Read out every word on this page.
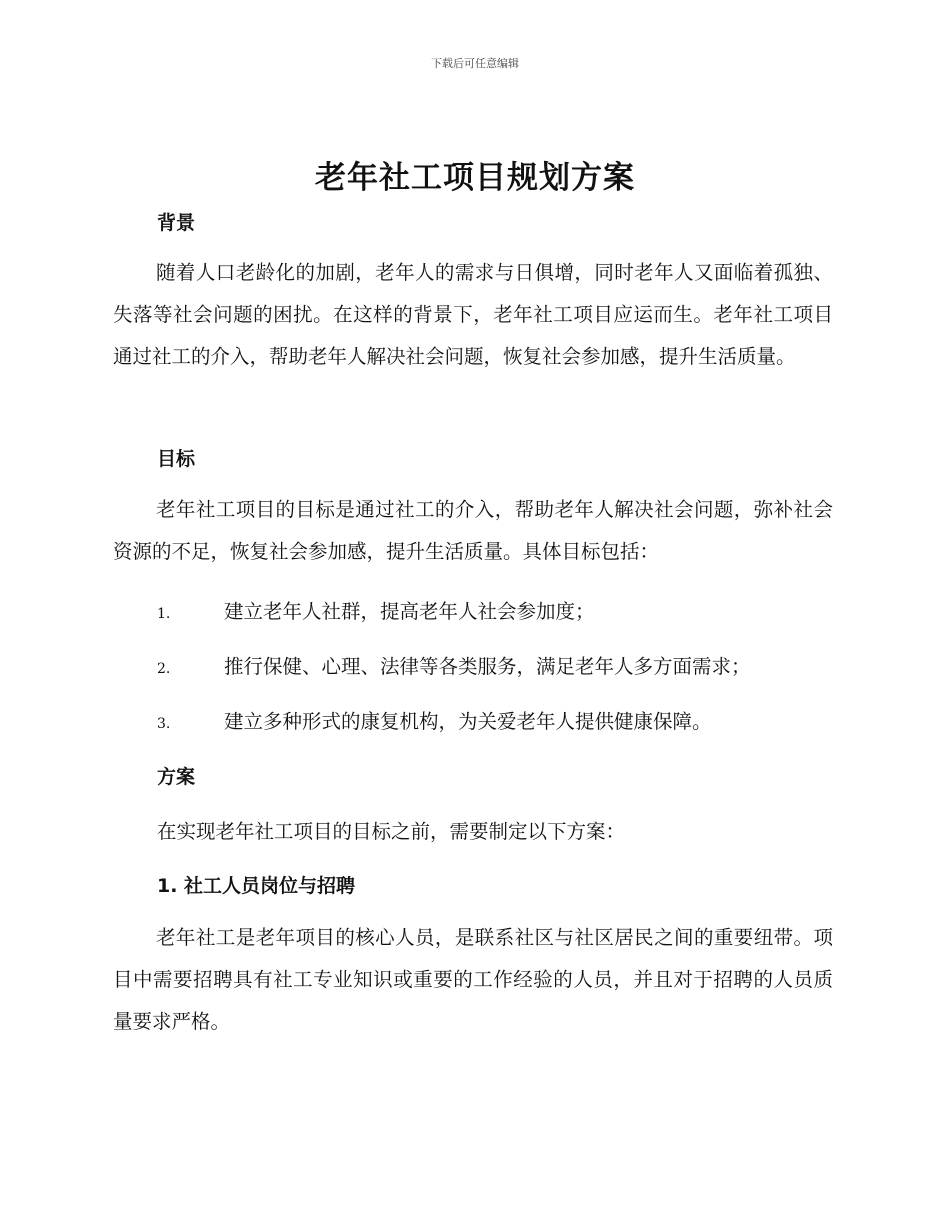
下载后可任意编辑
老年社工项目规划方案
背景

随着人口老龄化的加剧，老年人的需求与日俱增，同时老年人又面临着孤独、失落等社会问题的困扰。在这样的背景下，老年社工项目应运而生。老年社工项目通过社工的介入，帮助老年人解决社会问题，恢复社会参加感，提升生活质量。

目标

老年社工项目的目标是通过社工的介入，帮助老年人解决社会问题，弥补社会资源的不足，恢复社会参加感，提升生活质量。具体目标包括：

1.	建立老年人社群，提高老年人社会参加度；
2.	推行保健、心理、法律等各类服务，满足老年人多方面需求；
3.	建立多种形式的康复机构，为关爱老年人提供健康保障。
方案
在实现老年社工项目的目标之前，需要制定以下方案：
1. 社工人员岗位与招聘

老年社工是老年项目的核心人员，是联系社区与社区居民之间的重要纽带。项目中需要招聘具有社工专业知识或重要的工作经验的人员，并且对于招聘的人员质量要求严格。
